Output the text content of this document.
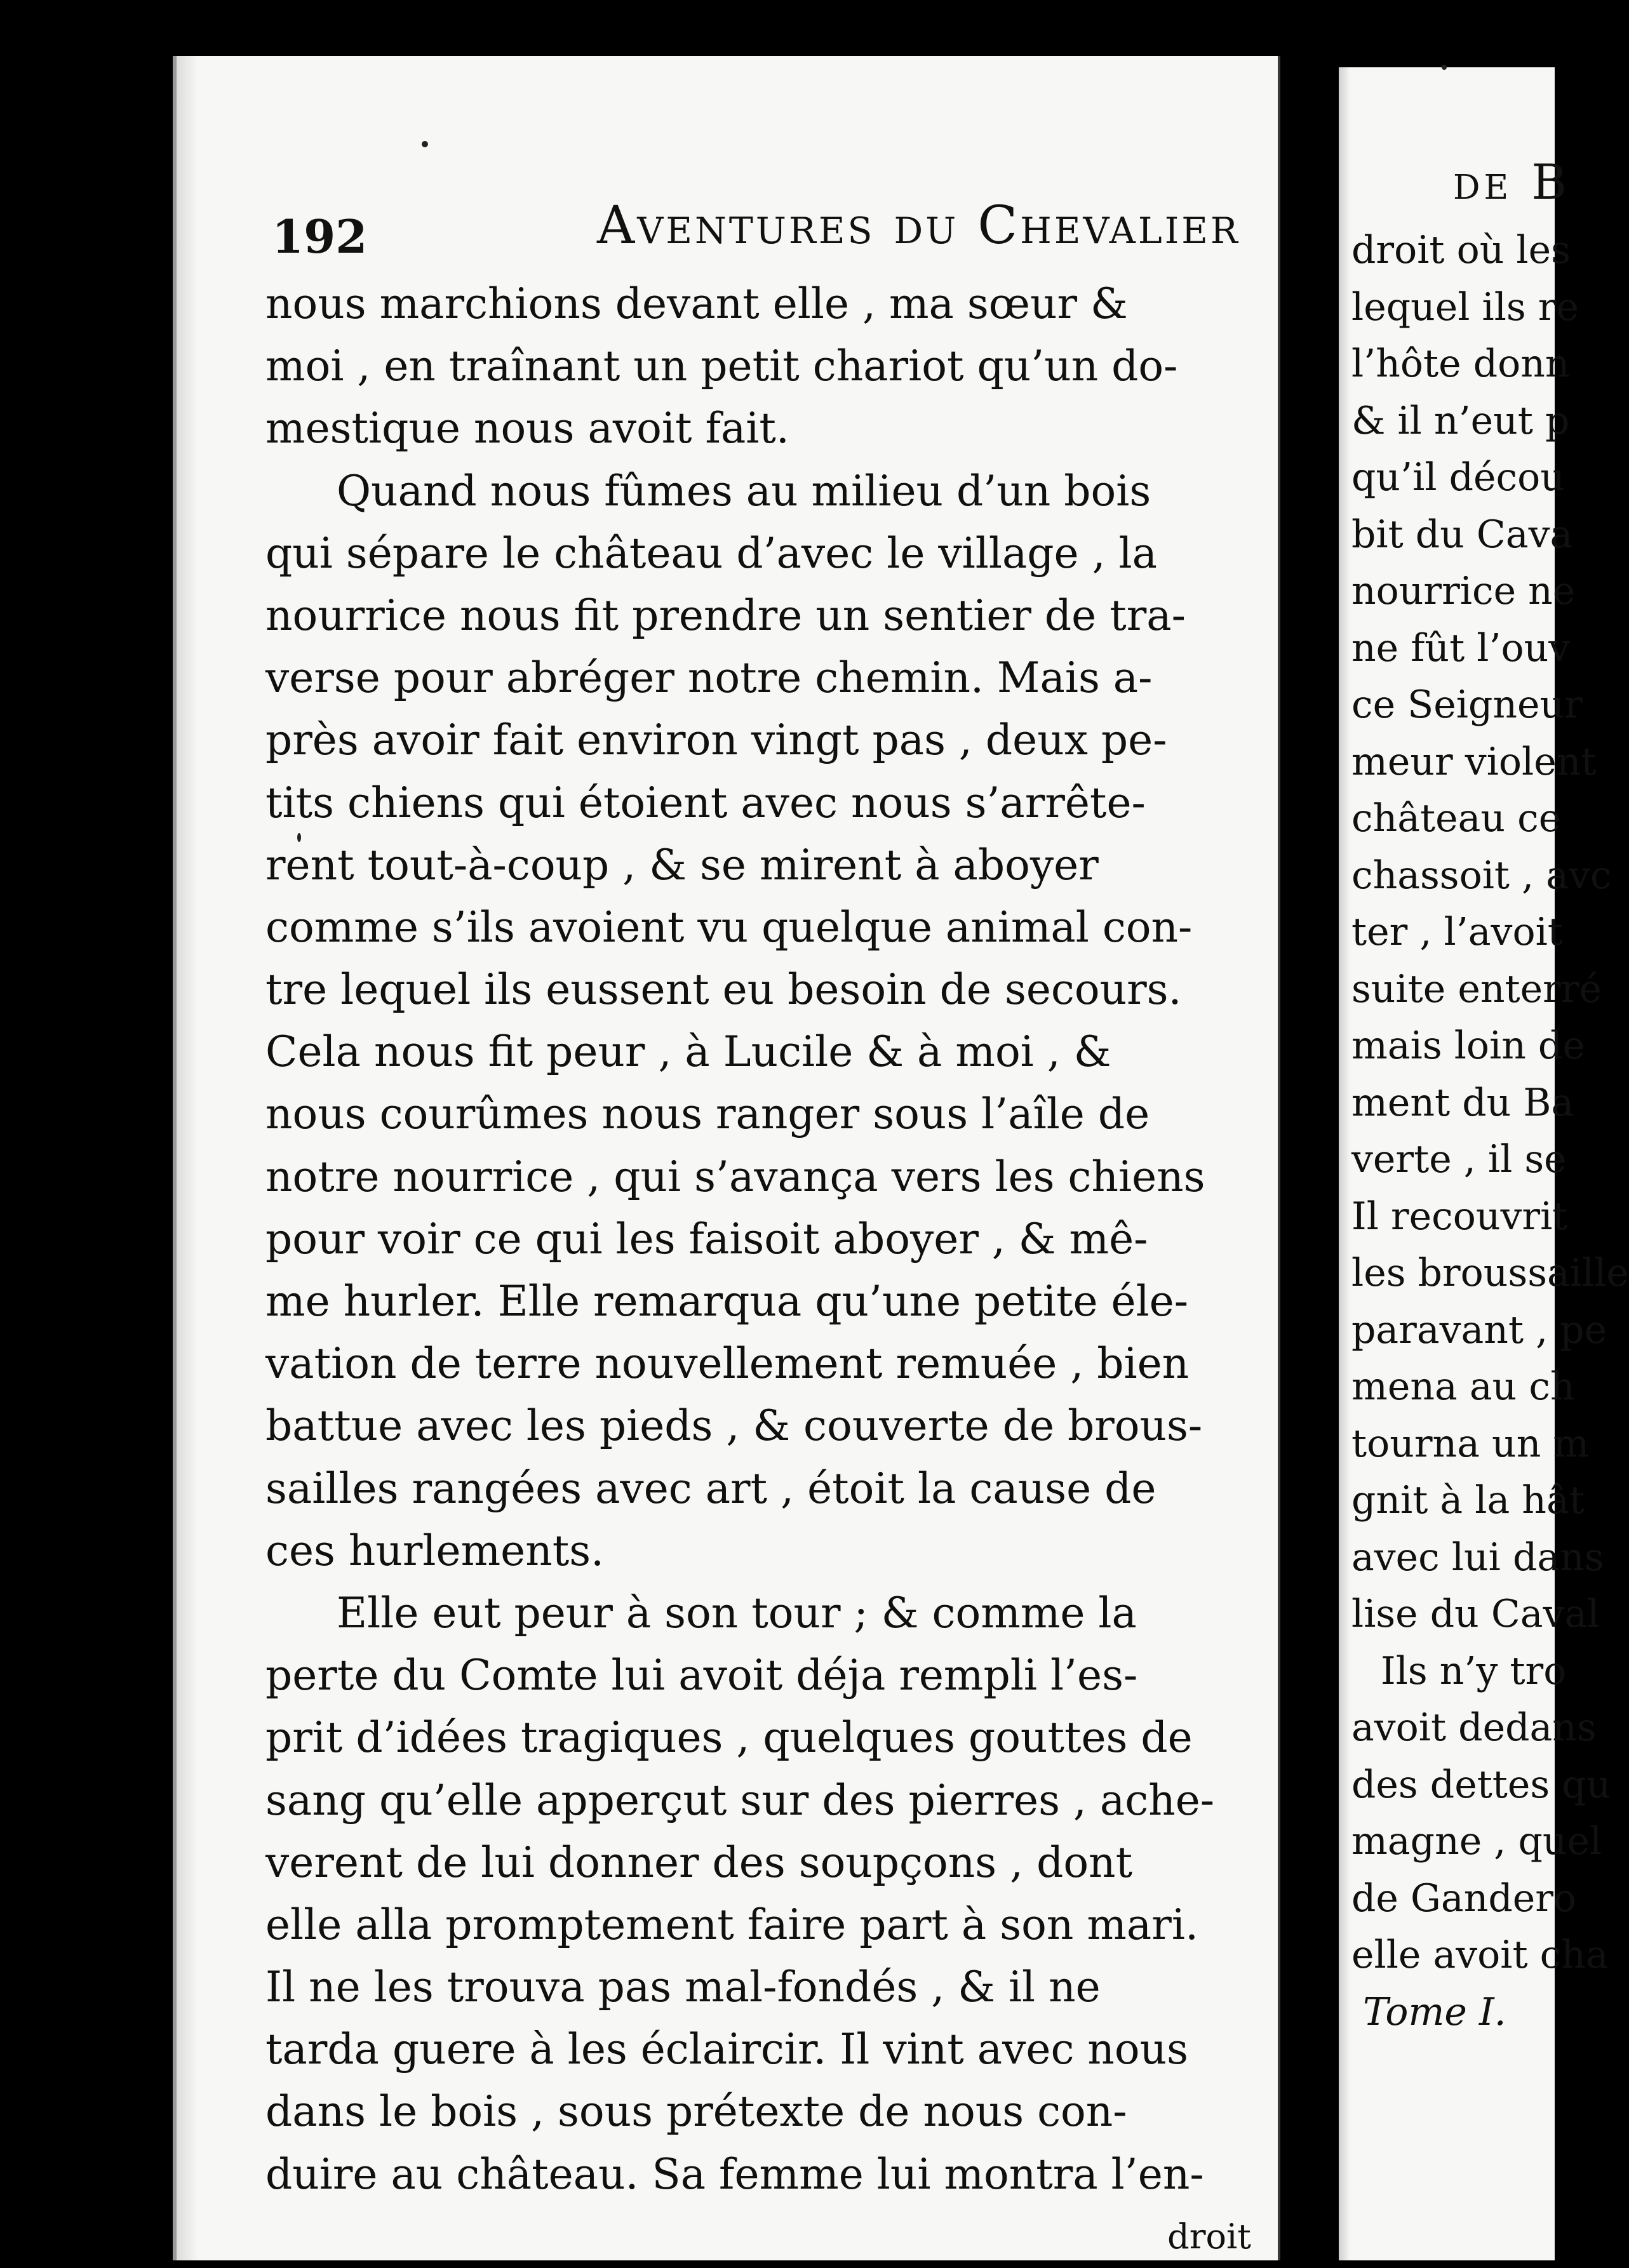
192	Aventures du Chevalier
nous marchions devant elle , ma sœur &
moi , en traînant un petit chariot qu’un do-
mestique nous avoit fait.
Quand nous fûmes au milieu d’un bois
qui sépare le château d’avec le village , la
nourrice nous fit prendre un sentier de tra-
verse pour abréger notre chemin. Mais a-
près avoir fait environ vingt pas , deux pe-
tits chiens qui étoient avec nous s’arrête-
rent tout-à-coup , & se mirent à aboyer
comme s’ils avoient vu quelque animal con-
tre lequel ils eussent eu besoin de secours.
Cela nous fit peur , à Lucile & à moi , &
nous courûmes nous ranger sous l’aîle de
notre nourrice , qui s’avança vers les chiens
pour voir ce qui les faisoit aboyer , & mê-
me hurler. Elle remarqua qu’une petite éle-
vation de terre nouvellement remuée , bien
battue avec les pieds , & couverte de brous-
sailles rangées avec art , étoit la cause de
ces hurlements.
Elle eut peur à son tour ; & comme la
perte du Comte lui avoit déja rempli l’es-
prit d’idées tragiques , quelques gouttes de
sang qu’elle apperçut sur des pierres , ache-
verent de lui donner des soupçons , dont
elle alla promptement faire part à son mari.
Il ne les trouva pas mal-fondés , & il ne
tarda guere à les éclaircir. Il vint avec nous
dans le bois , sous prétexte de nous con-
duire au château. Sa femme lui montra l’en-
droit
de B
droit où les
lequel ils re
l’hôte donn
& il n’eut p
qu’il décou
bit du Cava
nourrice ne
ne fût l’ouv
ce Seigneur
meur violent
château ce
chassoit , avc
ter , l’avoit
suite enterré
mais loin de
ment du Ba
verte , il se
Il recouvrit
les broussaille
paravant , pe
mena au ch
tourna un m
gnit à la hât
avec lui dans
lise du Caval
Ils n’y tro
avoit dedans
des dettes qu
magne , quel
de Gandero
elle avoit cha
Tome I.
